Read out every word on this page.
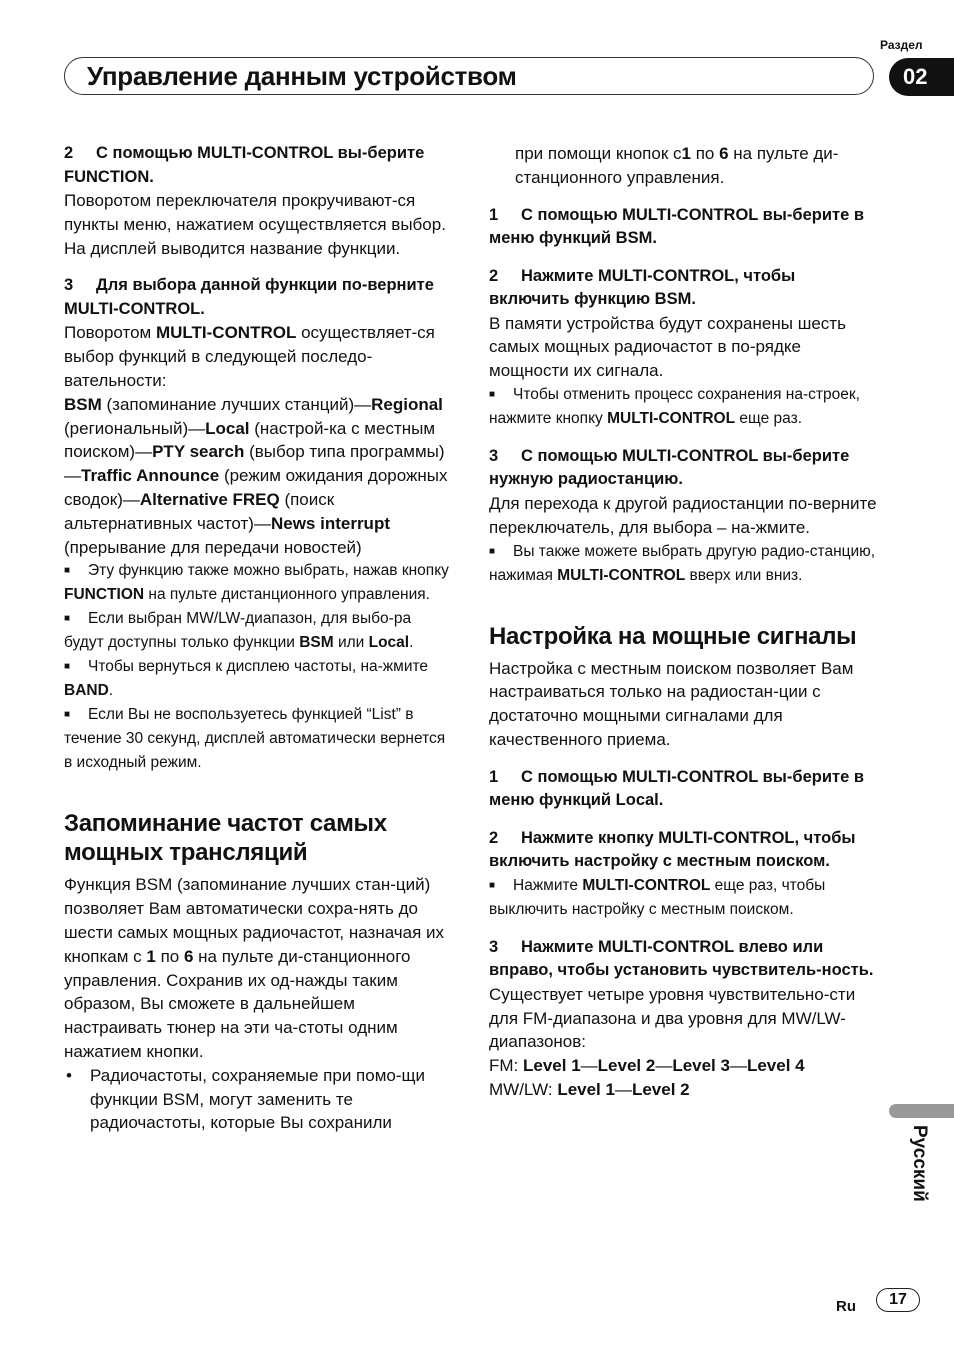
Раздел
Управление данным устройством	02

2 С помощью MULTI-CONTROL вы-берите FUNCTION.

Поворотом переключателя прокручивают-ся пункты меню, нажатием осуществляется выбор.

На дисплей выводится название функции.

3 Для выбора данной функции по-верните MULTI-CONTROL.

Поворотом MULTI-CONTROL осуществляет-ся выбор функций в следующей последо-вательности:

BSM (запоминание лучших станций)—Regional (региональный)—Local (настрой-ка с местным поиском)—PTY search (выбор типа программы)—Traffic Announce (режим ожидания дорожных сводок)—Alternative FREQ (поиск альтернативных частот)—News interrupt (прерывание для передачи новостей)

■ Эту функцию также можно выбрать, нажав кнопку FUNCTION на пульте дистанционного управления.

■ Если выбран MW/LW-диапазон, для выбо-ра будут доступны только функции BSM или Local.

■ Чтобы вернуться к дисплею частоты, на-жмите BAND.

■ Если Вы не воспользуетесь функцией “List” в течение 30 секунд, дисплей автоматически вернется в исходный режим.

Запоминание частот самых мощных трансляций

Функция BSM (запоминание лучших стан-ций) позволяет Вам автоматически сохра-нять до шести самых мощных радиочастот, назначая их кнопкам с 1 по 6 на пульте ди-станционного управления. Сохранив их од-нажды таким образом, Вы сможете в дальнейшем настраивать тюнер на эти ча-стоты одним нажатием кнопки.

• Радиочастоты, сохраняемые при помо-щи функции BSM, могут заменить те радиочастоты, которые Вы сохранили

при помощи кнопок с1 по 6 на пульте ди-станционного управления.

1 С помощью MULTI-CONTROL вы-берите в меню функций BSM.

2 Нажмите MULTI-CONTROL, чтобы включить функцию BSM.

В памяти устройства будут сохранены шесть самых мощных радиочастот в по-рядке мощности их сигнала.

■ Чтобы отменить процесс сохранения на-строек, нажмите кнопку MULTI-CONTROL еще раз.

3 С помощью MULTI-CONTROL вы-берите нужную радиостанцию.

Для перехода к другой радиостанции по-верните переключатель, для выбора – на-жмите.

■ Вы также можете выбрать другую радио-станцию, нажимая MULTI-CONTROL вверх или вниз.

Настройка на мощные сигналы

Настройка с местным поиском позволяет Вам настраиваться только на радиостан-ции с достаточно мощными сигналами для качественного приема.

1 С помощью MULTI-CONTROL вы-берите в меню функций Local.

2 Нажмите кнопку MULTI-CONTROL, чтобы включить настройку с местным поиском.

■ Нажмите MULTI-CONTROL еще раз, чтобы выключить настройку с местным поиском.

3 Нажмите MULTI-CONTROL влево или вправо, чтобы установить чувствитель-ность.

Существует четыре уровня чувствительно-сти для FM-диапазона и два уровня для MW/LW-диапазонов:

FM: Level 1—Level 2—Level 3—Level 4

MW/LW: Level 1—Level 2

Русский
Ru	17
